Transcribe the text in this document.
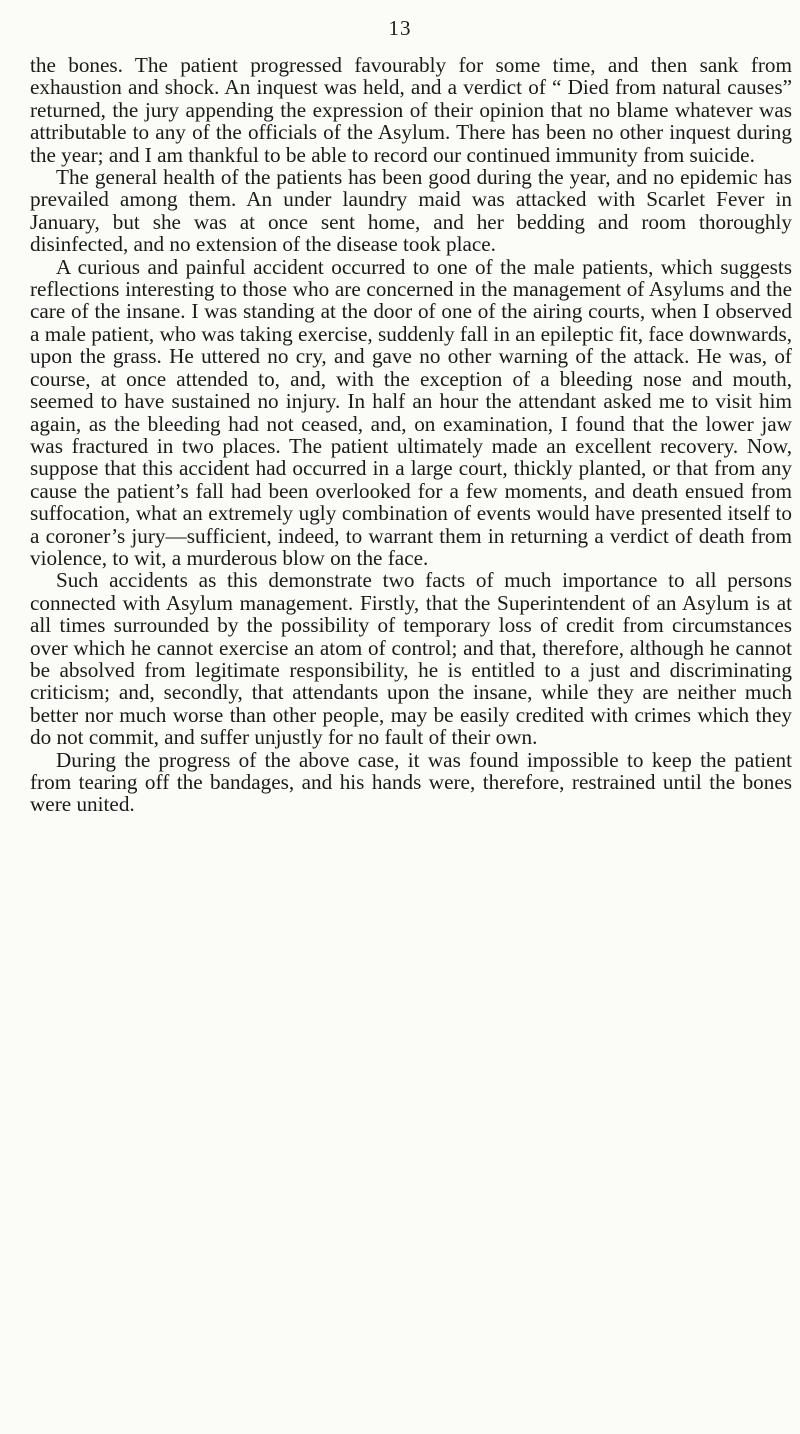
13

the bones. The patient progressed favourably for some time, and then sank from exhaustion and shock. An inquest was held, and a verdict of “ Died from natural causes” returned, the jury appending the expression of their opinion that no blame whatever was attributable to any of the officials of the Asylum. There has been no other inquest during the year; and I am thankful to be able to record our continued immunity from suicide.

The general health of the patients has been good during the year, and no epidemic has prevailed among them. An under laundry maid was attacked with Scarlet Fever in January, but she was at once sent home, and her bedding and room thoroughly disinfected, and no extension of the disease took place.

A curious and painful accident occurred to one of the male patients, which suggests reflections interesting to those who are concerned in the management of Asylums and the care of the insane. I was standing at the door of one of the airing courts, when I observed a male patient, who was taking exercise, suddenly fall in an epileptic fit, face downwards, upon the grass. He uttered no cry, and gave no other warning of the attack. He was, of course, at once attended to, and, with the exception of a bleeding nose and mouth, seemed to have sustained no injury. In half an hour the attendant asked me to visit him again, as the bleeding had not ceased, and, on examination, I found that the lower jaw was fractured in two places. The patient ultimately made an excellent recovery. Now, suppose that this accident had occurred in a large court, thickly planted, or that from any cause the patient’s fall had been overlooked for a few moments, and death ensued from suffocation, what an extremely ugly combination of events would have presented itself to a coroner’s jury—sufficient, indeed, to warrant them in returning a verdict of death from violence, to wit, a murderous blow on the face.

Such accidents as this demonstrate two facts of much importance to all persons connected with Asylum management. Firstly, that the Superintendent of an Asylum is at all times surrounded by the possibility of temporary loss of credit from circumstances over which he cannot exercise an atom of control; and that, therefore, although he cannot be absolved from legitimate responsibility, he is entitled to a just and discriminating criticism; and, secondly, that attendants upon the insane, while they are neither much better nor much worse than other people, may be easily credited with crimes which they do not commit, and suffer unjustly for no fault of their own.

During the progress of the above case, it was found impossible to keep the patient from tearing off the bandages, and his hands were, therefore, restrained until the bones were united.
